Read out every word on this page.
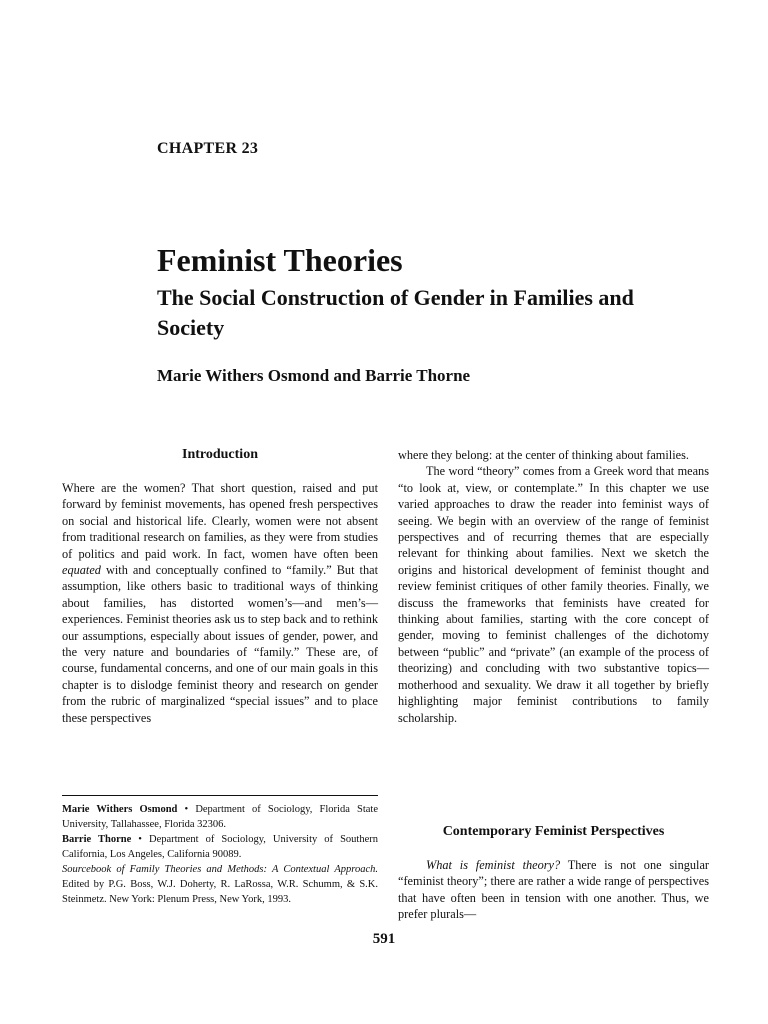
CHAPTER 23
Feminist Theories
The Social Construction of Gender in Families and Society
Marie Withers Osmond and Barrie Thorne
Introduction

Where are the women? That short question, raised and put forward by feminist movements, has opened fresh perspectives on social and historical life. Clearly, women were not absent from traditional research on families, as they were from studies of politics and paid work. In fact, women have often been equated with and conceptually confined to “family.” But that assumption, like others basic to traditional ways of thinking about families, has distorted women’s—and men’s—experiences. Feminist theories ask us to step back and to rethink our assumptions, especially about issues of gender, power, and the very nature and boundaries of “family.” These are, of course, fundamental concerns, and one of our main goals in this chapter is to dislodge feminist theory and research on gender from the rubric of marginalized “special issues” and to place these perspectives

Marie Withers Osmond • Department of Sociology, Florida State University, Tallahassee, Florida 32306.

Barrie Thorne • Department of Sociology, University of Southern California, Los Angeles, California 90089.

Sourcebook of Family Theories and Methods: A Contextual Approach. Edited by P.G. Boss, W.J. Doherty, R. LaRossa, W.R. Schumm, & S.K. Steinmetz. New York: Plenum Press, New York, 1993.

where they belong: at the center of thinking about families.

The word “theory” comes from a Greek word that means “to look at, view, or contemplate.” In this chapter we use varied approaches to draw the reader into feminist ways of seeing. We begin with an overview of the range of feminist perspectives and of recurring themes that are especially relevant for thinking about families. Next we sketch the origins and historical development of feminist thought and review feminist critiques of other family theories. Finally, we discuss the frameworks that feminists have created for thinking about families, starting with the core concept of gender, moving to feminist challenges of the dichotomy between “public” and “private” (an example of the process of theorizing) and concluding with two substantive topics—motherhood and sexuality. We draw it all together by briefly highlighting major feminist contributions to family scholarship.

Contemporary Feminist Perspectives

What is feminist theory? There is not one singular “feminist theory”; there are rather a wide range of perspectives that have often been in tension with one another. Thus, we prefer plurals—

591
